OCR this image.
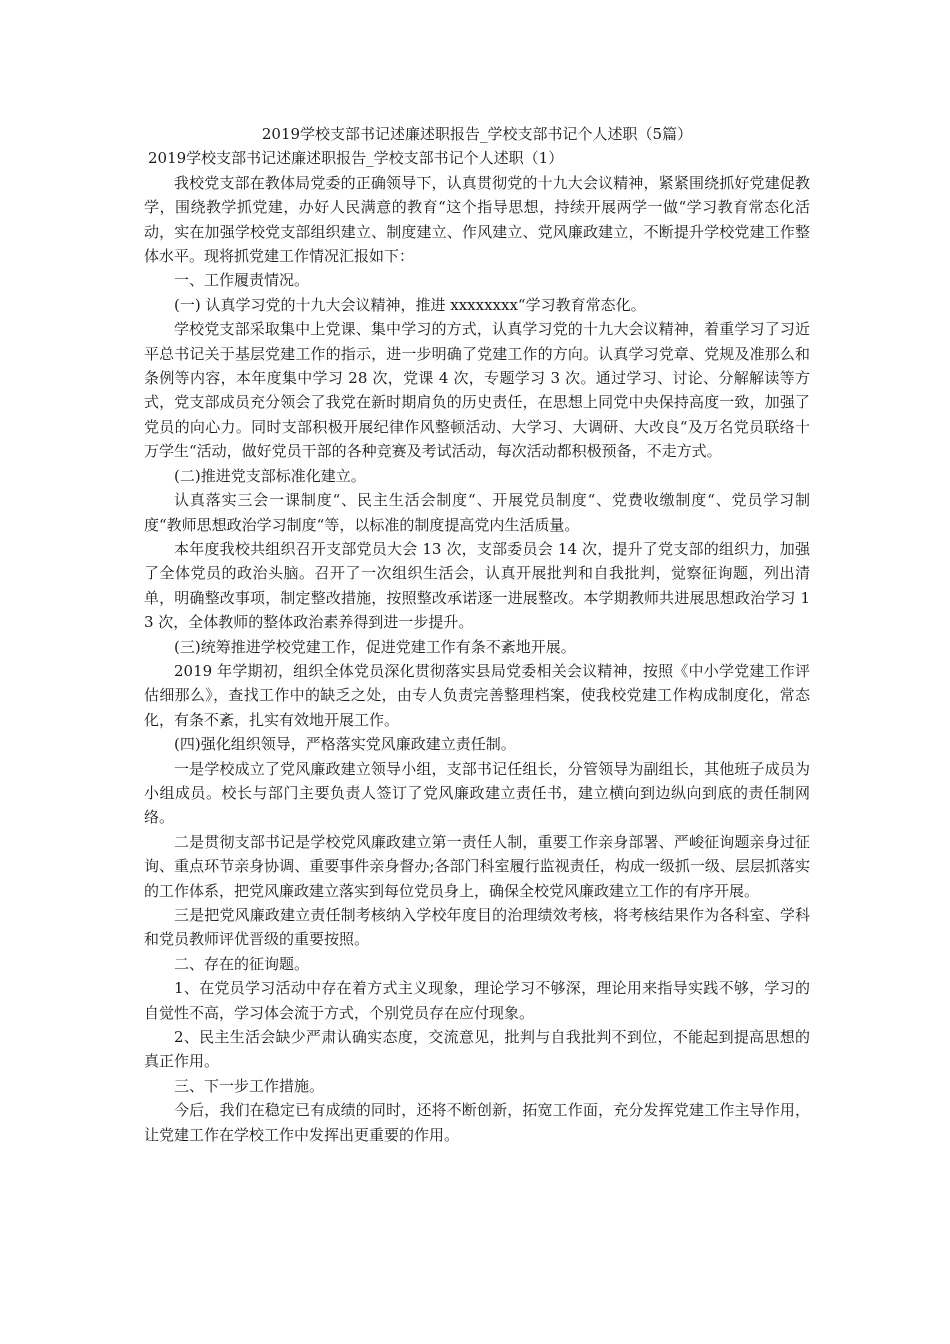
2019学校支部书记述廉述职报告_学校支部书记个人述职（5篇）
2019学校支部书记述廉述职报告_学校支部书记个人述职（1）

我校党支部在教体局党委的正确领导下，认真贯彻党的十九大会议精神，紧紧围绕抓好党建促教学，围绕教学抓党建，办好人民满意的教育“这个指导思想，持续开展两学一做“学习教育常态化活动，实在加强学校党支部组织建立、制度建立、作风建立、党风廉政建立，不断提升学校党建工作整体水平。现将抓党建工作情况汇报如下：

一、工作履责情况。

(一) 认真学习党的十九大会议精神，推进 xxxxxxxx“学习教育常态化。

学校党支部采取集中上党课、集中学习的方式，认真学习党的十九大会议精神，着重学习了习近平总书记关于基层党建工作的指示，进一步明确了党建工作的方向。认真学习党章、党规及准那么和条例等内容，本年度集中学习 28 次，党课 4 次，专题学习 3 次。通过学习、讨论、分解解读等方式，党支部成员充分领会了我党在新时期肩负的历史责任，在思想上同党中央保持高度一致，加强了党员的向心力。同时支部积极开展纪律作风整顿活动、大学习、大调研、大改良“及万名党员联络十万学生“活动，做好党员干部的各种竞赛及考试活动，每次活动都积极预备，不走方式。

(二)推进党支部标准化建立。

认真落实三会一课制度“、民主生活会制度“、开展党员制度“、党费收缴制度“、党员学习制度“教师思想政治学习制度“等，以标准的制度提高党内生活质量。

本年度我校共组织召开支部党员大会 13 次，支部委员会 14 次，提升了党支部的组织力，加强了全体党员的政治头脑。召开了一次组织生活会，认真开展批判和自我批判，觉察征询题，列出清单，明确整改事项，制定整改措施，按照整改承诺逐一进展整改。本学期教师共进展思想政治学习 13 次，全体教师的整体政治素养得到进一步提升。

(三)统筹推进学校党建工作，促进党建工作有条不紊地开展。

2019 年学期初，组织全体党员深化贯彻落实县局党委相关会议精神，按照《中小学党建工作评估细那么》，查找工作中的缺乏之处，由专人负责完善整理档案，使我校党建工作构成制度化，常态化，有条不紊，扎实有效地开展工作。

(四)强化组织领导，严格落实党风廉政建立责任制。

一是学校成立了党风廉政建立领导小组，支部书记任组长，分管领导为副组长，其他班子成员为小组成员。校长与部门主要负责人签订了党风廉政建立责任书，建立横向到边纵向到底的责任制网络。

二是贯彻支部书记是学校党风廉政建立第一责任人制，重要工作亲身部署、严峻征询题亲身过征询、重点环节亲身协调、重要事件亲身督办;各部门科室履行监视责任，构成一级抓一级、层层抓落实的工作体系，把党风廉政建立落实到每位党员身上，确保全校党风廉政建立工作的有序开展。

三是把党风廉政建立责任制考核纳入学校年度目的治理绩效考核，将考核结果作为各科室、学科和党员教师评优晋级的重要按照。

二、存在的征询题。

1、在党员学习活动中存在着方式主义现象，理论学习不够深，理论用来指导实践不够，学习的自觉性不高，学习体会流于方式，个别党员存在应付现象。

2、民主生活会缺少严肃认确实态度，交流意见，批判与自我批判不到位，不能起到提高思想的真正作用。

三、下一步工作措施。

今后，我们在稳定已有成绩的同时，还将不断创新，拓宽工作面，充分发挥党建工作主导作用，让党建工作在学校工作中发挥出更重要的作用。
